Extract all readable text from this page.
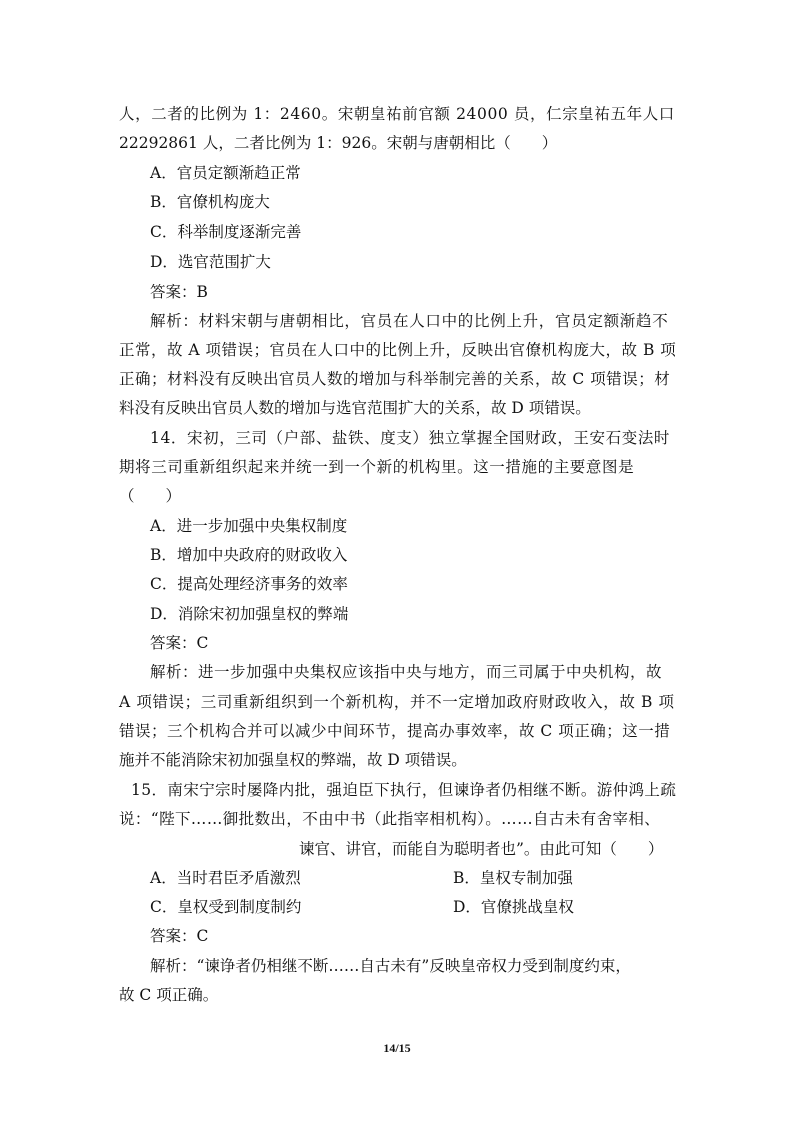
人，二者的比例为 1：2460。宋朝皇祐前官额 24000 员，仁宗皇祐五年人口
22292861 人，二者比例为 1：926。宋朝与唐朝相比（　　）
A．官员定额渐趋正常
B．官僚机构庞大
C．科举制度逐渐完善
D．选官范围扩大
答案：B
解析：材料宋朝与唐朝相比，官员在人口中的比例上升，官员定额渐趋不
正常，故 A 项错误；官员在人口中的比例上升，反映出官僚机构庞大，故 B 项
正确；材料没有反映出官员人数的增加与科举制完善的关系，故 C 项错误；材
料没有反映出官员人数的增加与选官范围扩大的关系，故 D 项错误。
14．宋初，三司（户部、盐铁、度支）独立掌握全国财政，王安石变法时
期将三司重新组织起来并统一到一个新的机构里。这一措施的主要意图是
（　　）
A．进一步加强中央集权制度
B．增加中央政府的财政收入
C．提高处理经济事务的效率
D．消除宋初加强皇权的弊端
答案：C
解析：进一步加强中央集权应该指中央与地方，而三司属于中央机构，故
A 项错误；三司重新组织到一个新机构，并不一定增加政府财政收入，故 B 项
错误；三个机构合并可以减少中间环节，提高办事效率，故 C 项正确；这一措
施并不能消除宋初加强皇权的弊端，故 D 项错误。
15．南宋宁宗时屡降内批，强迫臣下执行，但谏诤者仍相继不断。游仲鸿上疏
说：“陛下……御批数出，不由中书（此指宰相机构）。……自古未有舍宰相、
谏官、讲官，而能自为聪明者也”。由此可知（　　）
A．当时君臣矛盾激烈	B．皇权专制加强
C．皇权受到制度制约	D．官僚挑战皇权
答案：C
解析：“谏诤者仍相继不断……自古未有”反映皇帝权力受到制度约束，
故 C 项正确。
14/15
